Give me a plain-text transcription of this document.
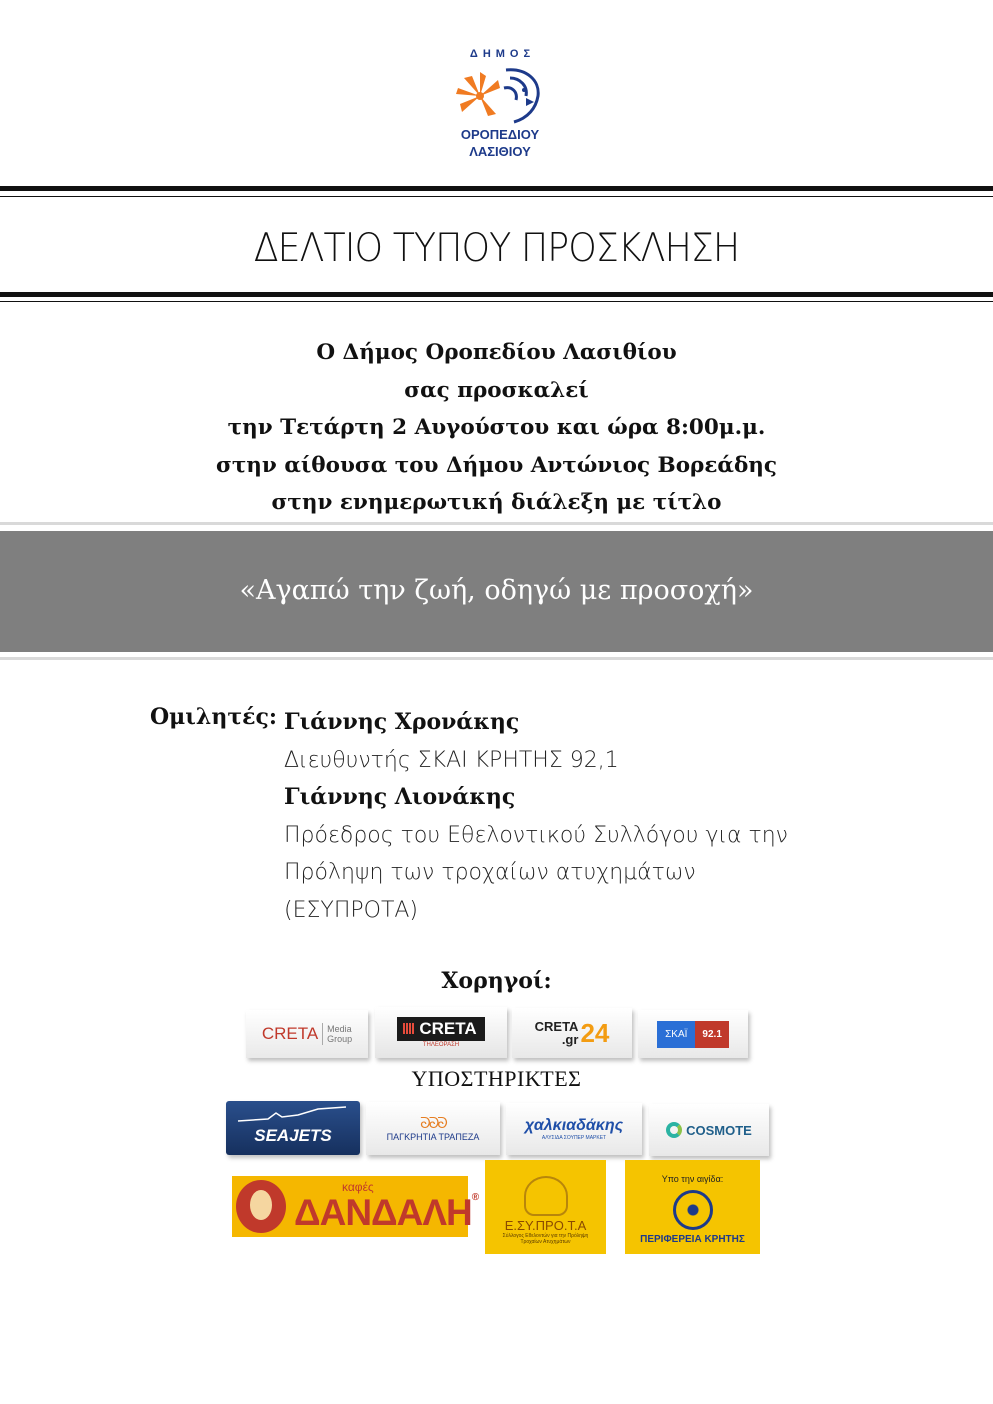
ΔΗΜΟΣ
ΟΡΟΠΕΔΙΟΥ
ΛΑΣΙΘΙΟΥ
ΔΕΛΤΙΟ ΤΥΠΟΥ ΠΡΟΣΚΛΗΣΗ
Ο Δήμος Οροπεδίου Λασιθίου
σας προσκαλεί
την Τετάρτη 2 Αυγούστου και ώρα 8:00μ.μ.
στην αίθουσα του Δήμου Αντώνιος Βορεάδης
στην ενημερωτική διάλεξη με τίτλο
«Αγαπώ την ζωή, οδηγώ με προσοχή»
Ομιλητές: Γιάννης Χρονάκης
Διευθυντής ΣΚΑΙ ΚΡΗΤΗΣ 92,1
Γιάννης Λιονάκης
Πρόεδρος του Εθελοντικού Συλλόγου για την
Πρόληψη των τροχαίων ατυχημάτων
(ΕΣΥΠΡΟΤΑ)
Χορηγοί:
CRETA Media
Group
CRETA
ΤΗΛΕΟΡΑΣΗ
CRETA
.gr 24	ΣΚΑΪ	92.1
ΥΠΟΣΤΗΡΙΚΤΕΣ
SEAJETS
ᘐᘐᘐ
ΠΑΓΚΡΗΤΙΑ ΤΡΑΠΕΖΑ
χαλκιαδάκης
ΑΛΥΣΙΔΑ ΣΟΥΠΕΡ ΜΑΡΚΕΤ
COSMOTE
καφές
ΔΑΝΔΑΛΗ®
Ε.ΣΥ.ΠΡΟ.Τ.Α
Σύλλογος Εθελοντών για την Πρόληψη Τροχαίων Ατυχημάτων
Υπο την αιγίδα:
ΠΕΡΙΦΕΡΕΙΑ ΚΡΗΤΗΣ
